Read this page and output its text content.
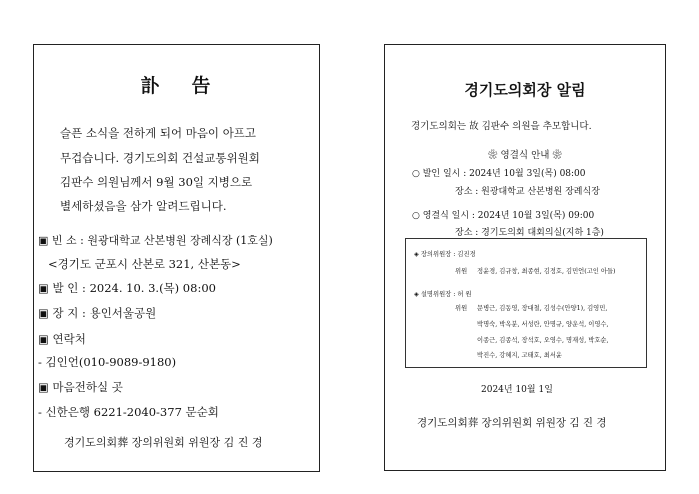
訃 告
슬픈 소식을 전하게 되어 마음이 아프고
무겁습니다. 경기도의회 건설교통위원회
김판수 의원님께서 9월 30일 지병으로
별세하셨음을 삼가 알려드립니다.
▣ 빈 소 : 원광대학교 산본병원 장례식장 (1호실)
<경기도 군포시 산본로 321, 산본동>
▣ 발 인 : 2024. 10. 3.(목) 08:00
▣ 장 지 : 용인서울공원
▣ 연락처
- 김인언(010-9089-9180)
▣ 마음전하실 곳
- 신한은행 6221-2040-377 문순회
경기도의회葬 장의위원회 위원장 김 진 경
경기도의회장 알림
경기도의회는 故 김판수 의원을 추모합니다.
❀ 영결식 안내 ❀
○ 발인 일시 : 2024년 10월 3일(목) 08:00
장소 : 원광대학교 산본병원 장례식장
○ 영결식 일시 : 2024년 10월 3일(목) 09:00
장소 : 경기도의회 대회의실(지하 1층)
◈ 장의위원장 : 김진경
위원 정윤경, 김규창, 최종현, 김정호, 김민언(고인 아들)
◈ 설명위원장 : 허 원
위원 문병근, 김동영, 장대철, 김성수(안양1), 김영민,
박명숙, 박옥분, 서성란, 안명규, 양운석, 이영수,
이종근, 김종석, 장석호, 오영수, 명재성, 박호순,
박진수, 강혜지, 고태호, 최서윤
2024년 10월 1일
경기도의회葬 장의위원회 위원장 김 진 경
